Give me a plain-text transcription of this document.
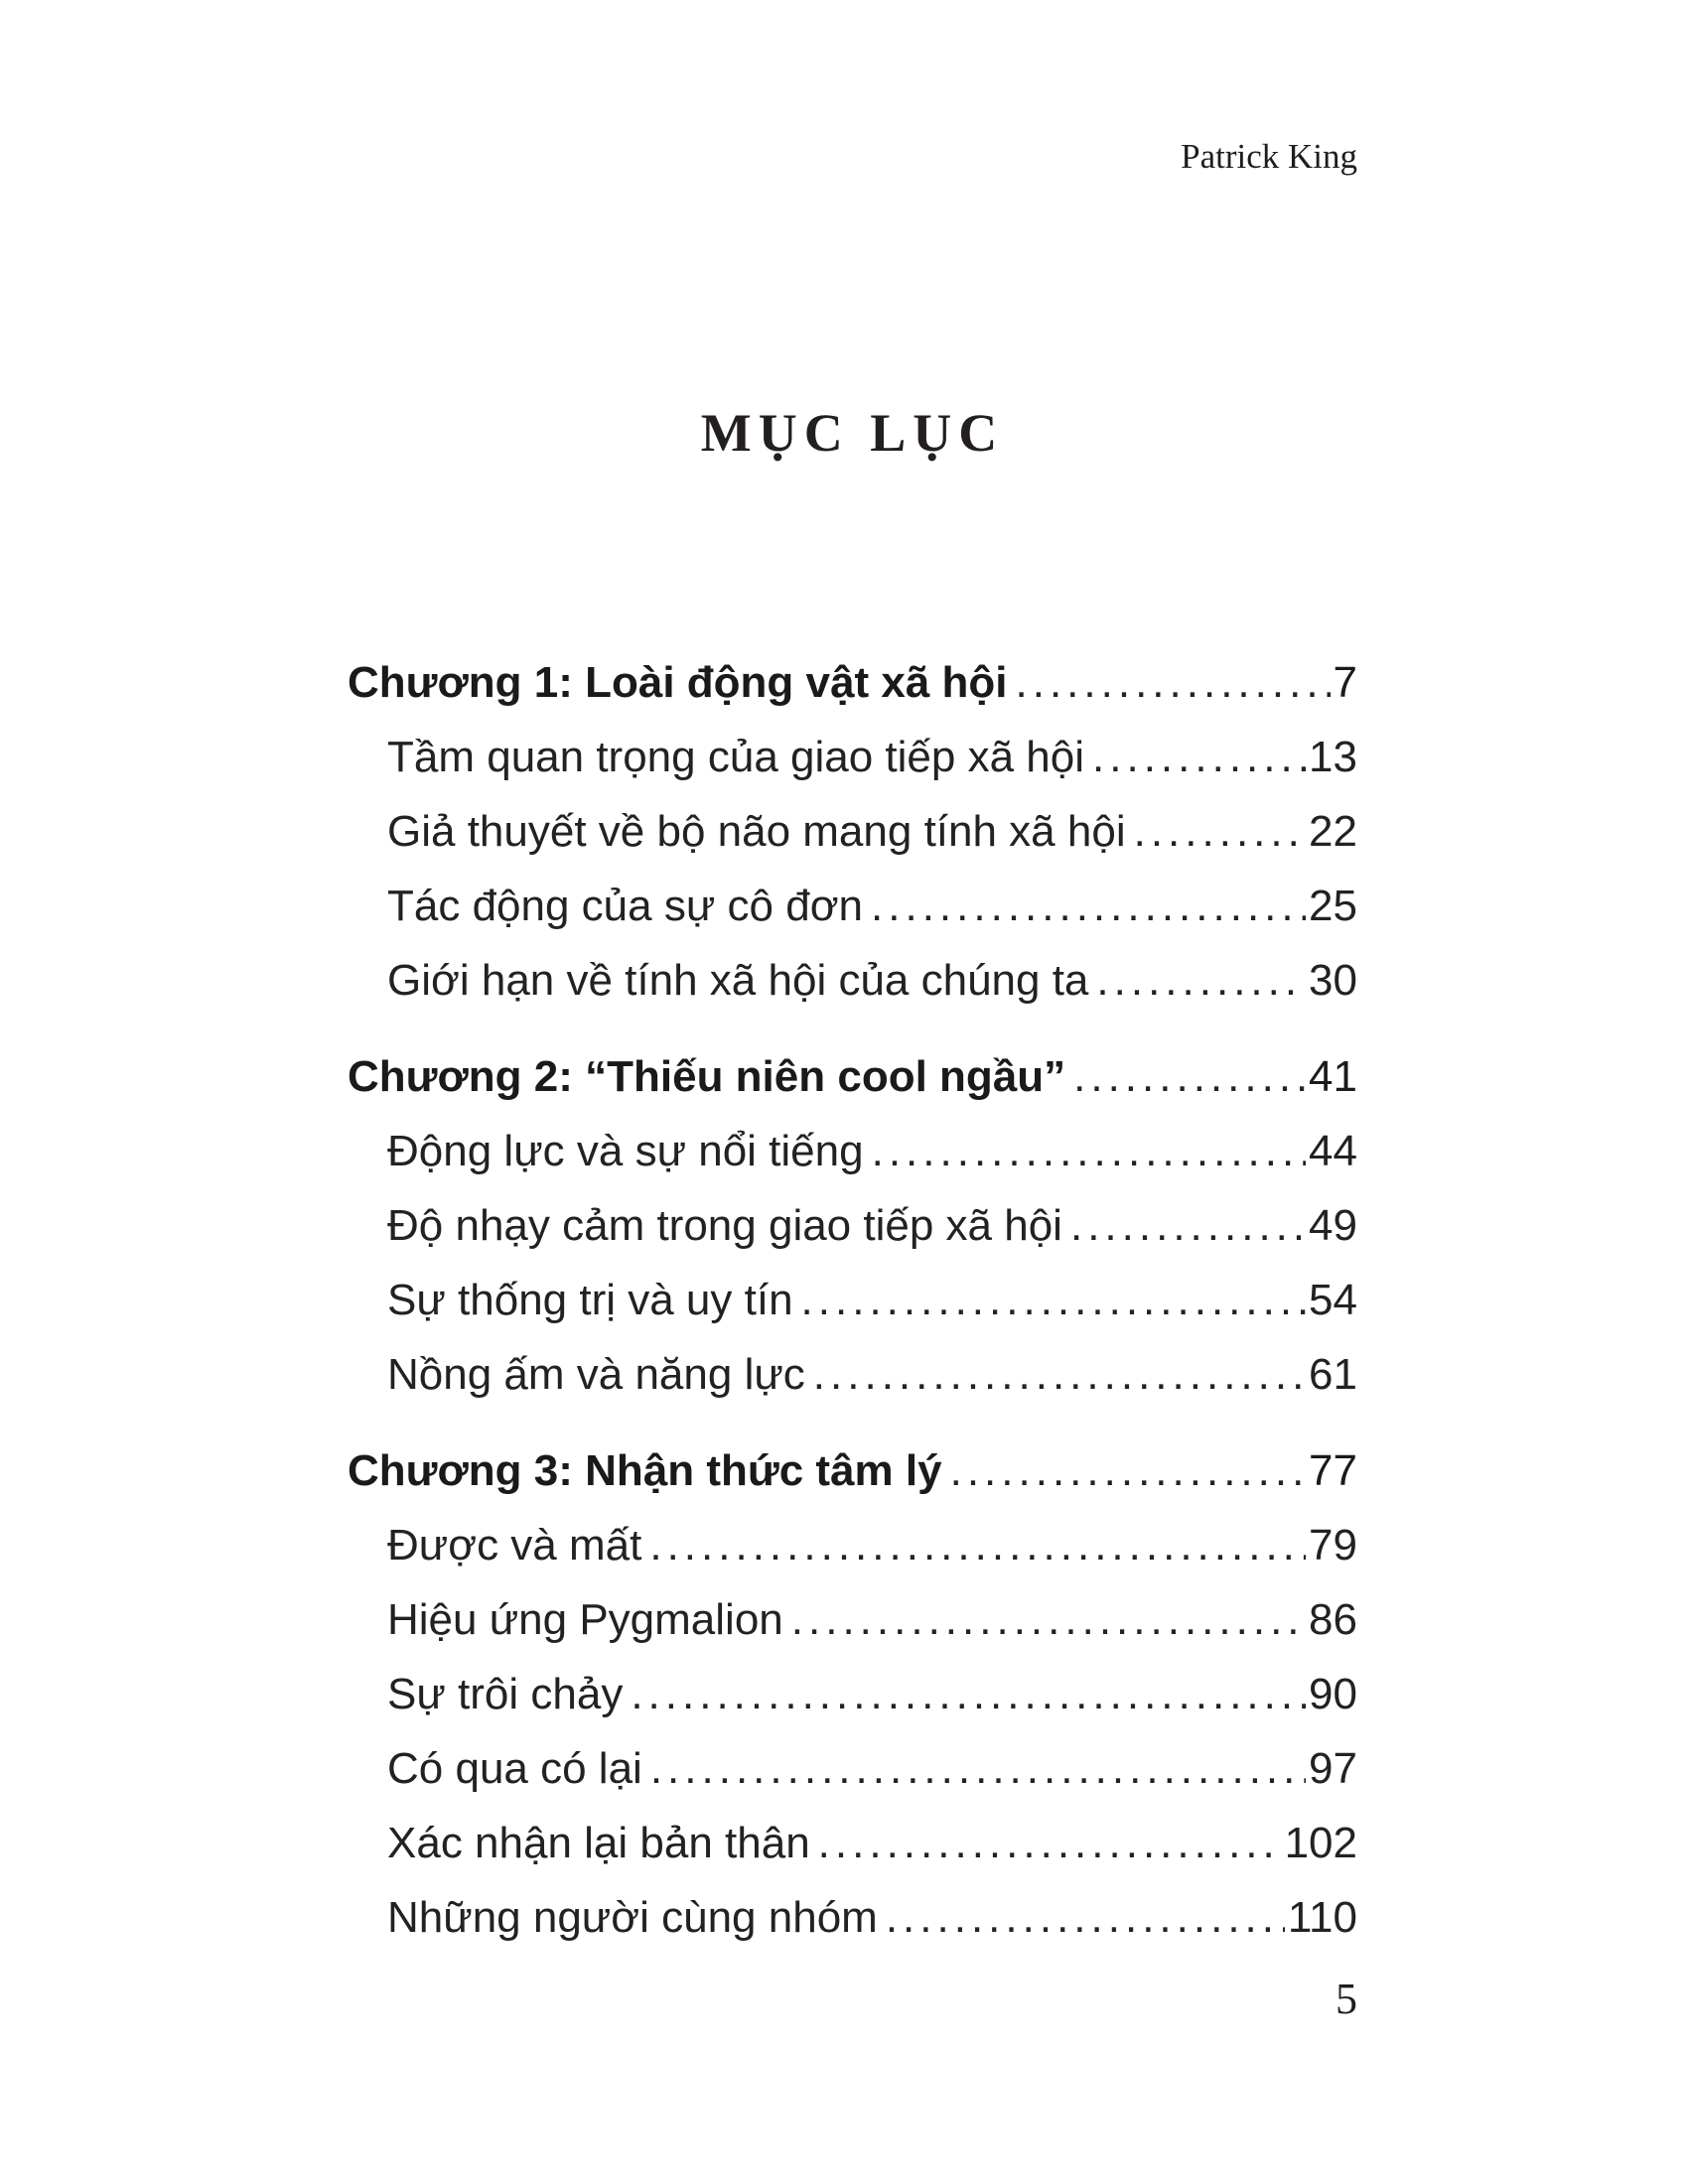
Patrick King
MỤC LỤC
Chương 1: Loài động vật xã hội .....	7
Tầm quan trọng của giao tiếp xã hội .....	13
Giả thuyết về bộ não mang tính xã hội .....	22
Tác động của sự cô đơn .....	25
Giới hạn về tính xã hội của chúng ta .....	30
Chương 2: “Thiếu niên cool ngầu” .....	41
Động lực và sự nổi tiếng .....	44
Độ nhạy cảm trong giao tiếp xã hội .....	49
Sự thống trị và uy tín .....	54
Nồng ấm và năng lực .....	61
Chương 3: Nhận thức tâm lý .....	77
Được và mất .....	79
Hiệu ứng Pygmalion .....	86
Sự trôi chảy .....	90
Có qua có lại .....	97
Xác nhận lại bản thân .....	102
Những người cùng nhóm .....	110
5
